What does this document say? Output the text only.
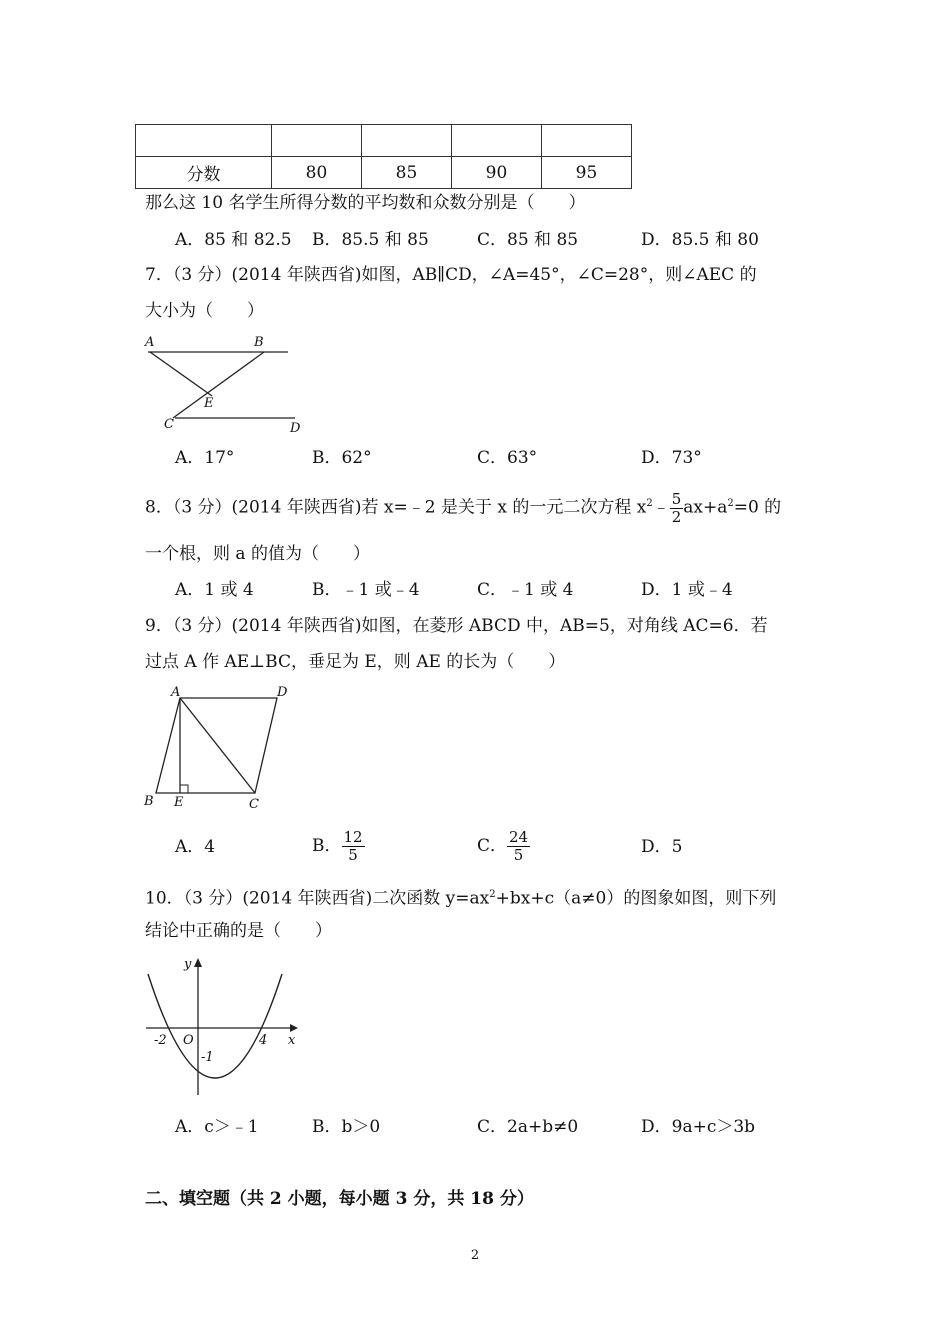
分数	80	85	90	95
那么这 10 名学生所得分数的平均数和众数分别是（　　）
A．85 和 82.5 B．85.5 和 85	C．85 和 85	D．85.5 和 80
7．（3 分）(2014 年陕西省)如图，AB∥CD，∠A=45°，∠C=28°，则∠AEC 的
大小为（　　）
A	B
E
C	D
A．17°	B．62°	C．63°	D．73°
8．（3 分）(2014 年陕西省)若 x=﹣2 是关于 x 的一元二次方程 $x^2﹣ \frac{5}{2} ax+a^2=0$ 的
一个根，则 a 的值为（　　）
A．1 或 4	B．﹣1 或﹣4	C．﹣1 或 4	D．1 或﹣4
9．（3 分）(2014 年陕西省)如图，在菱形 ABCD 中，AB=5，对角线 AC=6．若
过点 A 作 AE⊥BC，垂足为 E，则 AE 的长为（　　）
A	D
B E	C
A．4	B． $\frac{12}{5}$	C． $\frac{24}{5}$	D．5
10．（3 分）(2014 年陕西省)二次函数 $y=ax^2+bx+c(a\ne 0)$的图象如图，则下列
结论中正确的是（　　）
y
x
O
-2	4
-1
A．c＞﹣1	B．b＞0	C．2a+b≠0	D．9a+c＞3b
二、填空题（共 2 小题，每小题 3 分，共 18 分）
2
